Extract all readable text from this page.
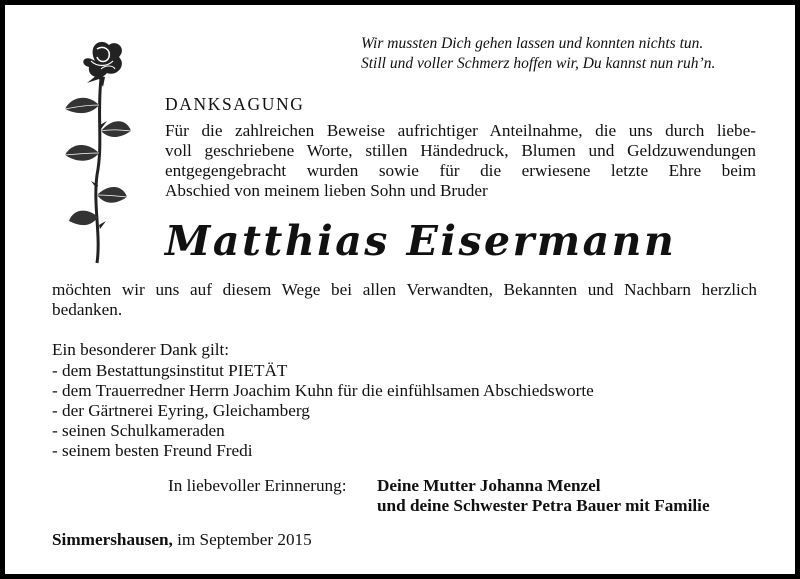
Wir mussten Dich gehen lassen und konnten nichts tun.
Still und voller Schmerz hoffen wir, Du kannst nun ruh’n.
DANKSAGUNG
Für die zahlreichen Beweise aufrichtiger Anteilnahme, die uns durch liebe-
voll geschriebene Worte, stillen Händedruck, Blumen und Geldzuwendungen
entgegengebracht wurden sowie für die erwiesene letzte Ehre beim
Abschied von meinem lieben Sohn und Bruder
Matthias Eisermann
möchten wir uns auf diesem Wege bei allen Verwandten, Bekannten und Nachbarn herzlich
bedanken.
Ein besonderer Dank gilt:
- dem Bestattungsinstitut PIETÄT
- dem Trauerredner Herrn Joachim Kuhn für die einfühlsamen Abschiedsworte
- der Gärtnerei Eyring, Gleichamberg
- seinen Schulkameraden
- seinem besten Freund Fredi
In liebevoller Erinnerung: Deine Mutter Johanna Menzel
und deine Schwester Petra Bauer mit Familie
Simmershausen, im September 2015
